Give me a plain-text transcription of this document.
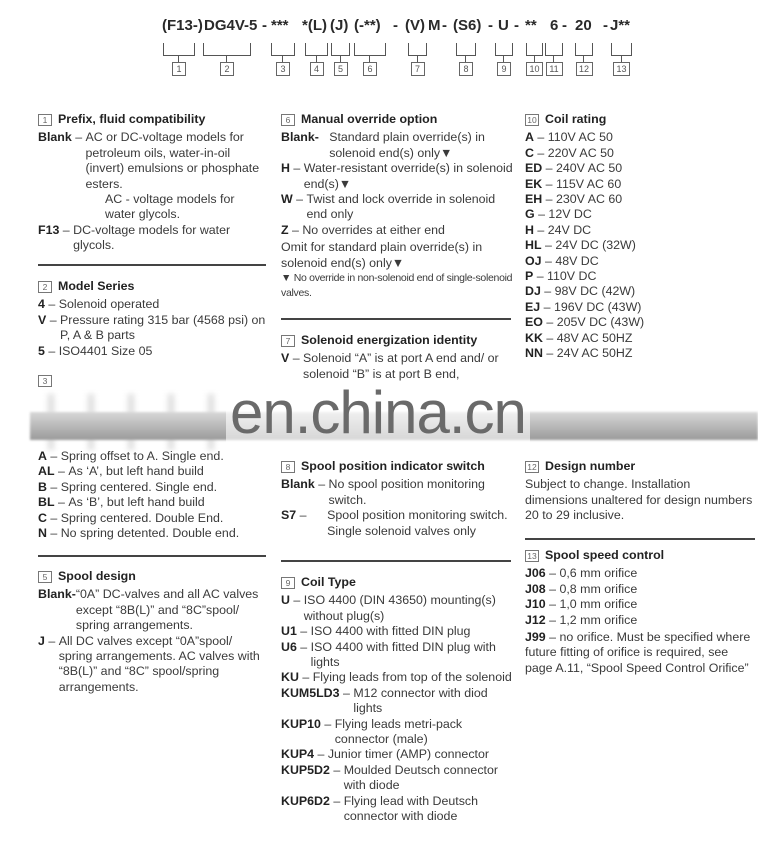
en.china.cn
(F13-) DG4V-5 - *** *(L) (J) (-**) - (V) M - (S6) - U - ** 6 - 20 - J**
1	2	3	4	5	6	7	8	9	10	11	12	13
1 Prefix, fluid compatibility
Blank – AC or DC-voltage models for petroleum oils, water-in-oil (invert) emulsions or phosphate esters.
AC - voltage models for water glycols.
F13 – DC-voltage models for water glycols.
2 Model Series
4 – Solenoid operated
V – Pressure rating 315 bar (4568 psi) on P, A & B parts
5 – ISO4401 Size 05
3
A – Spring offset to A. Single end.
AL – As ‘A’, but left hand build
B – Spring centered. Single end.
BL – As ‘B’, but left hand build
C – Spring centered. Double End.
N – No spring detented. Double end.
5 Spool design
Blank- “0A” DC-valves and all AC valves except “8B(L)” and “8C”spool/ spring arrangements.
J – All DC valves except “0A”spool/ spring arrangements. AC valves with “8B(L)” and “8C” spool/spring arrangements.
6 Manual override option
Blank- Standard plain override(s) in solenoid end(s) only▼
H – Water-resistant override(s) in solenoid end(s)▼
W – Twist and lock override in solenoid end only
Z – No overrides at either end
Omit for standard plain override(s) in solenoid end(s) only▼
▼ No override in non-solenoid end of single-solenoid valves.
7 Solenoid energization identity
V – Solenoid “A” is at port A end and/ or solenoid “B” is at port B end,
8 Spool position indicator switch
Blank – No spool position monitoring switch.
S7 – Spool position monitoring switch. Single solenoid valves only
9 Coil Type
U – ISO 4400 (DIN 43650) mounting(s) without plug(s)
U1 – ISO 4400 with fitted DIN plug
U6 – ISO 4400 with fitted DIN plug with lights
KU – Flying leads from top of the solenoid
KUM5LD3 – M12 connector with diod lights
KUP10 – Flying leads metri-pack connector (male)
KUP4 – Junior timer (AMP) connector
KUP5D2 – Moulded Deutsch connector with diode
KUP6D2 – Flying lead with Deutsch connector with diode
10 Coil rating
A – 110V AC 50
C – 220V AC 50
ED – 240V AC 50
EK – 115V AC 60
EH – 230V AC 60
G – 12V DC
H – 24V DC
HL – 24V DC (32W)
OJ – 48V DC
P – 110V DC
DJ – 98V DC (42W)
EJ – 196V DC (43W)
EO – 205V DC (43W)
KK – 48V AC 50HZ
NN – 24V AC 50HZ
12 Design number
Subject to change. Installation dimensions unaltered for design numbers 20 to 29 inclusive.
13 Spool speed control
J06 – 0,6 mm orifice
J08 – 0,8 mm orifice
J10 – 1,0 mm orifice
J12 – 1,2 mm orifice
J99 – no orifice. Must be specified where future fitting of orifice is required, see page A.11, “Spool Speed Control Orifice”
